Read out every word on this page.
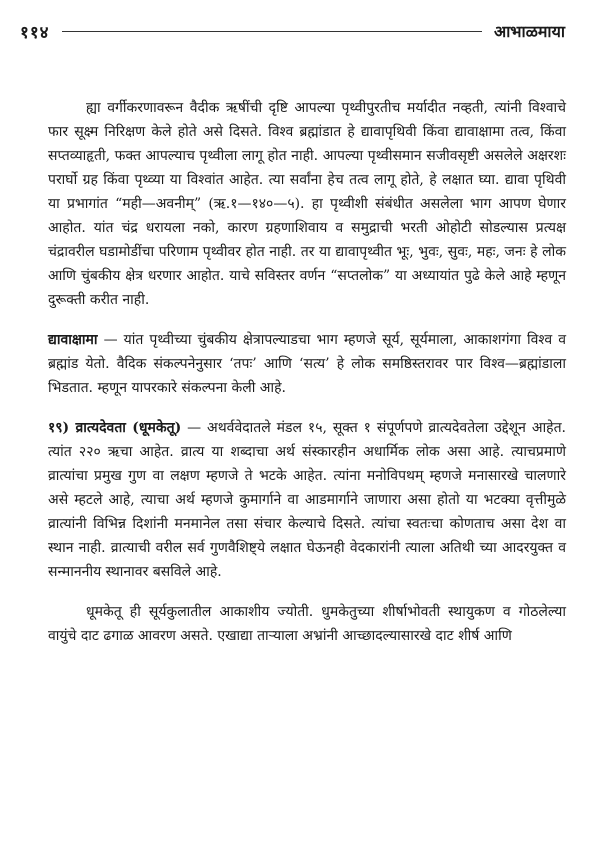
११४	आभाळमाया

ह्या वर्गीकरणावरून वैदीक ऋषींची दृष्टि आपल्या पृथ्वीपुरतीच मर्यादीत नव्हती, त्यांनी विश्वाचे फार सूक्ष्म निरिक्षण केले होते असे दिसते. विश्व ब्रह्मांडात हे द्यावापृथिवी किंवा द्यावाक्षामा तत्व, किंवा सप्तव्याहृती, फक्त आपल्याच पृथ्वीला लागू होत नाही. आपल्या पृथ्वीसमान सजीवसृष्टी असलेले अक्षरशः परार्घो ग्रह किंवा पृथ्व्या या विश्वांत आहेत. त्या सर्वांना हेच तत्व लागू होते, हे लक्षात घ्या. द्यावा पृथिवी या प्रभागांत “मही—अवनीम्” (ऋ.१—१४०—५). हा पृथ्वीशी संबंधीत असलेला भाग आपण घेणार आहोत. यांत चंद्र धरायला नको, कारण ग्रहणाशिवाय व समुद्राची भरती ओहोटी सोडल्यास प्रत्यक्ष चंद्रावरील घडामोडींचा परिणाम पृथ्वीवर होत नाही. तर या द्यावापृथ्वीत भूः, भुवः, सुवः, महः, जनः हे लोक आणि चुंबकीय क्षेत्र धरणार आहोत. याचे सविस्तर वर्णन “सप्तलोक” या अध्यायांत पुढे केले आहे म्हणून दुरूक्ती करीत नाही.

द्यावाक्षामा — यांत पृथ्वीच्या चुंबकीय क्षेत्रापल्याडचा भाग म्हणजे सूर्य, सूर्यमाला, आकाशगंगा विश्व व ब्रह्मांड येतो. वैदिक संकल्पनेनुसार ‘तपः’ आणि ‘सत्य’ हे लोक समष्ठिस्तरावर पार विश्व—ब्रह्मांडाला भिडतात. म्हणून यापरकारे संकल्पना केली आहे.

१९) व्रात्यदेवता (धूमकेतू) — अथर्ववेदातले मंडल १५, सूक्त १ संपूर्णपणे व्रात्यदेवतेला उद्देशून आहेत. त्यांत २२० ऋचा आहेत. व्रात्य या शब्दाचा अर्थ संस्कारहीन अधार्मिक लोक असा आहे. त्याचप्रमाणे व्रात्यांचा प्रमुख गुण वा लक्षण म्हणजे ते भटके आहेत. त्यांना मनोविपथम् म्हणजे मनासारखे चालणारे असे म्हटले आहे, त्याचा अर्थ म्हणजे कुमार्गाने वा आडमार्गाने जाणारा असा होतो या भटक्या वृत्तीमुळे व्रात्यांनी विभिन्न दिशांनी मनमानेल तसा संचार केल्याचे दिसते. त्यांचा स्वतःचा कोणताच असा देश वा स्थान नाही. व्रात्याची वरील सर्व गुणवैशिष्ट्ये लक्षात घेऊनही वेदकारांनी त्याला अतिथी च्या आदरयुक्त व सन्माननीय स्थानावर बसविले आहे.

धूमकेतू ही सूर्यकुलातील आकाशीय ज्योती. धुमकेतुच्या शीर्षाभोवती स्थायुकण व गोठलेल्या वायुंचे दाट ढगाळ आवरण असते. एखाद्या ताऱ्याला अभ्रांनी आच्छादल्यासारखे दाट शीर्ष आणि
